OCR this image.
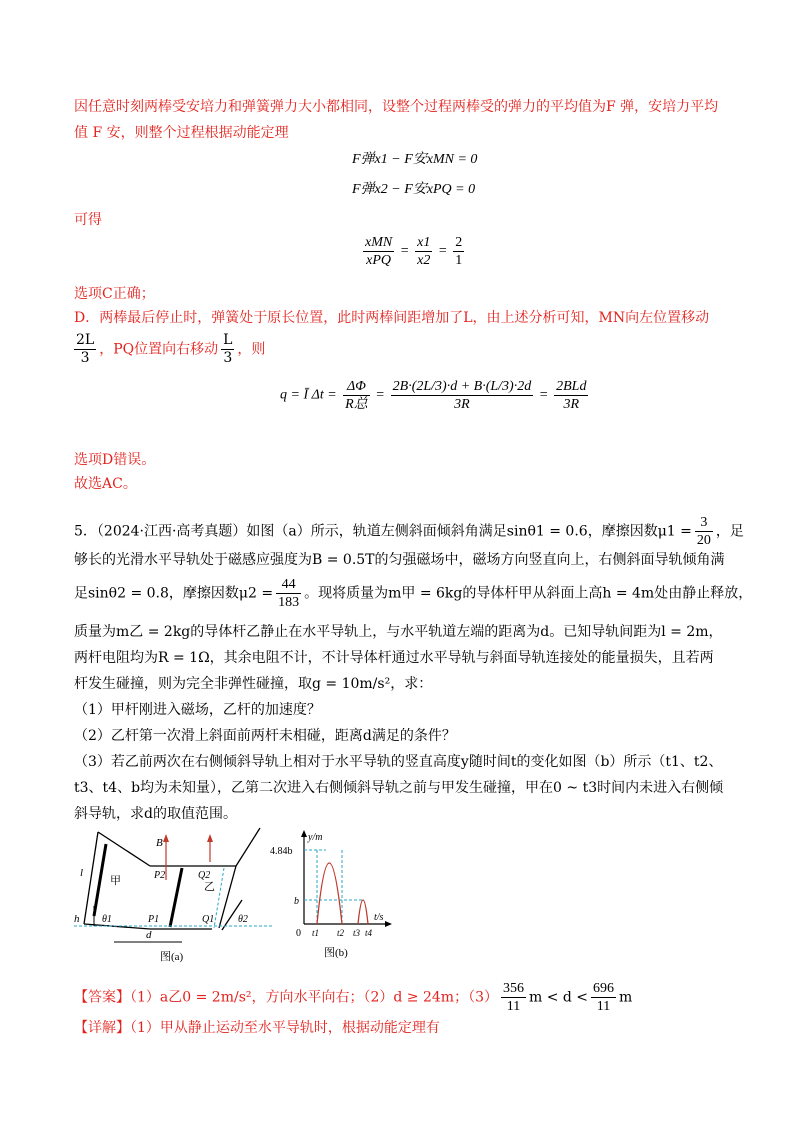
因任意时刻两棒受安培力和弹簧弹力大小都相同，设整个过程两棒受的弹力的平均值为F 弹，安培力平均
值 F 安，则整个过程根据动能定理
F弹x1 − F安xMN = 0
F弹x2 − F安xPQ = 0
可得
$\frac{\text{xMN}}{\text{xPQ}} = \frac{x1}{x2} = \frac{2}{1}$
选项C正确；
D．两棒最后停止时，弹簧处于原长位置，此时两棒间距增加了L，由上述分析可知，MN向左位置移动
$\frac{2L}{3}$ ，PQ位置向右移动 $\frac{L}{3}$ ，则
q = Ī $\Delta t = \frac{\Delta\Phi}{\text{R总}} = \frac{2B\cdot(2L/3)\cdot d + B\cdot(L/3)\cdot 2d}{3R} = \frac{\text{2BLd}}{3R}$
选项D错误。
故选AC。
5．（2024·江西·高考真题）如图（a）所示，轨道左侧斜面倾斜角满足sinθ1 = 0.6，摩擦因数$\mu 1 = \frac{3}{20}$ ，足
够长的光滑水平导轨处于磁感应强度为B = 0.5T的匀强磁场中，磁场方向竖直向上，右侧斜面导轨倾角满
足sinθ2 = 0.8，摩擦因数$\mu 2 = \frac{44}{183}$ 。现将质量为m甲 = 6kg的导体杆甲从斜面上高h = 4m处由静止释放，
质量为m乙 = 2kg的导体杆乙静止在水平导轨上，与水平轨道左端的距离为d。已知导轨间距为l = 2m，
两杆电阻均为R = 1Ω，其余电阻不计，不计导体杆通过水平导轨与斜面导轨连接处的能量损失，且若两
杆发生碰撞，则为完全非弹性碰撞，取g = 10m/s²，求：
（1）甲杆刚进入磁场，乙杆的加速度？
（2）乙杆第一次滑上斜面前两杆未相碰，距离d满足的条件？
（3）若乙前两次在右侧倾斜导轨上相对于水平导轨的竖直高度y随时间t的变化如图（b）所示（t1、t2、
t3、t4、b均为未知量），乙第二次进入右侧倾斜导轨之前与甲发生碰撞，甲在0 ~ t3时间内未进入右侧倾
斜导轨，求d的取值范围。
B
l
甲	乙
P2	Q2
P1	Q1
h θ1	θ2
d
图(a)
y/m
t/s
4.84b
b
0 t1 t2 t3 t4
图(b)
【答案】（1）a乙0 = 2m/s²，方向水平向右；（2）d ≥ 24m；$(3) \frac{356}{11}$ $m < d < \frac{696}{11}$ m
【详解】（1）甲从静止运动至水平导轨时，根据动能定理有
